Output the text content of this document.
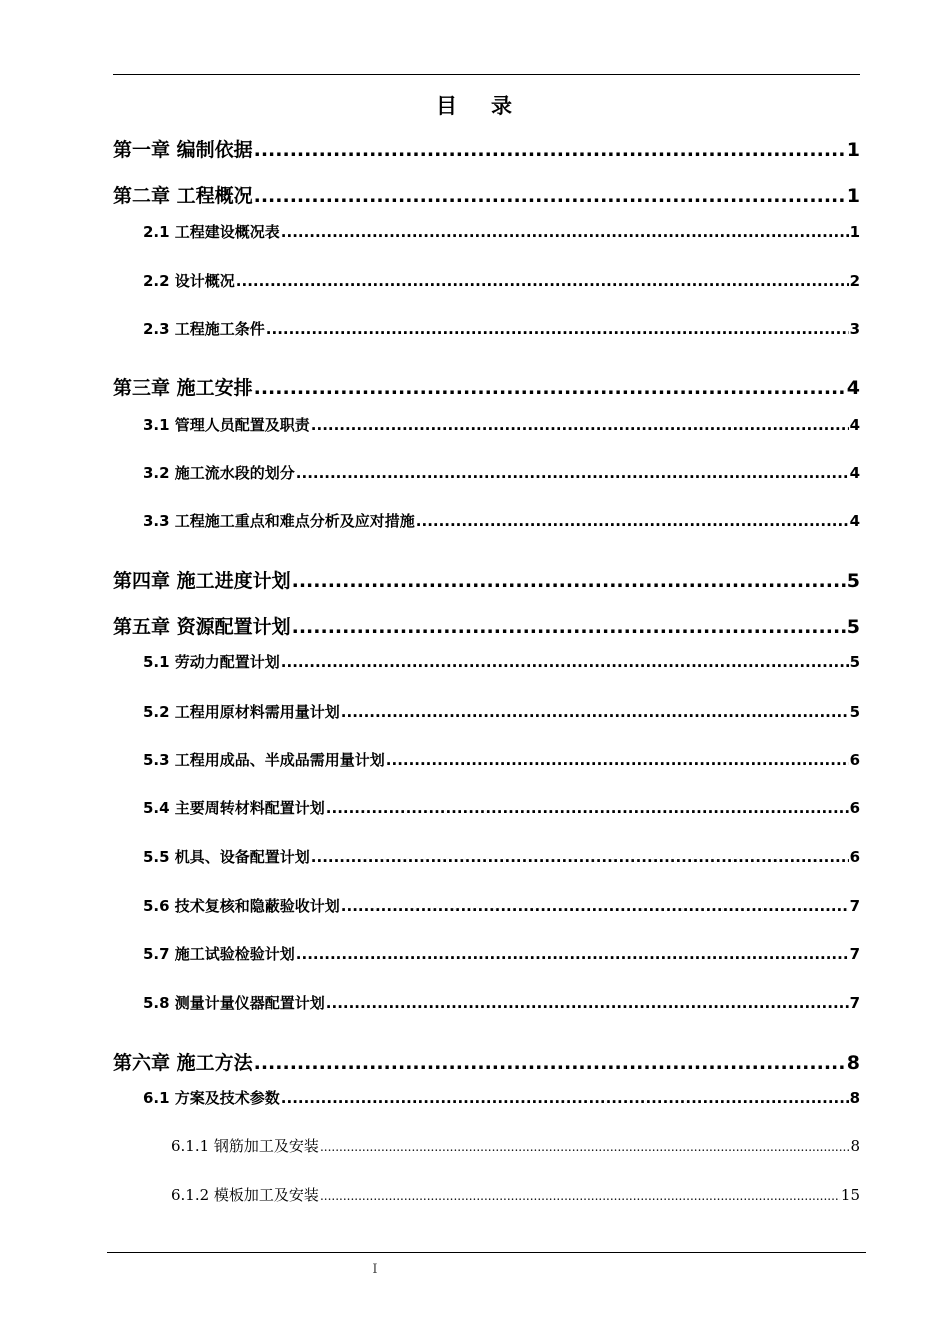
目 录
第一章 编制依据 .....	1
第二章 工程概况 .....	1
2.1 工程建设概况表 .....	1
2.2 设计概况 .....	2
2.3 工程施工条件 .....	3
第三章 施工安排 .....	4
3.1 管理人员配置及职责 .....	4
3.2 施工流水段的划分 .....	4
3.3 工程施工重点和难点分析及应对措施 .....	4
第四章 施工进度计划 .....	5
第五章 资源配置计划 .....	5
5.1 劳动力配置计划 .....	5
5.2 工程用原材料需用量计划 .....	5
5.3 工程用成品、半成品需用量计划 .....	6
5.4 主要周转材料配置计划 .....	6
5.5 机具、设备配置计划 .....	6
5.6 技术复核和隐蔽验收计划 .....	7
5.7 施工试验检验计划 .....	7
5.8 测量计量仪器配置计划 .....	7
第六章 施工方法 .....	8
6.1 方案及技术参数 .....	8
6.1.1 钢筋加工及安装 .....	8
6.1.2 模板加工及安装 .....	15
I
